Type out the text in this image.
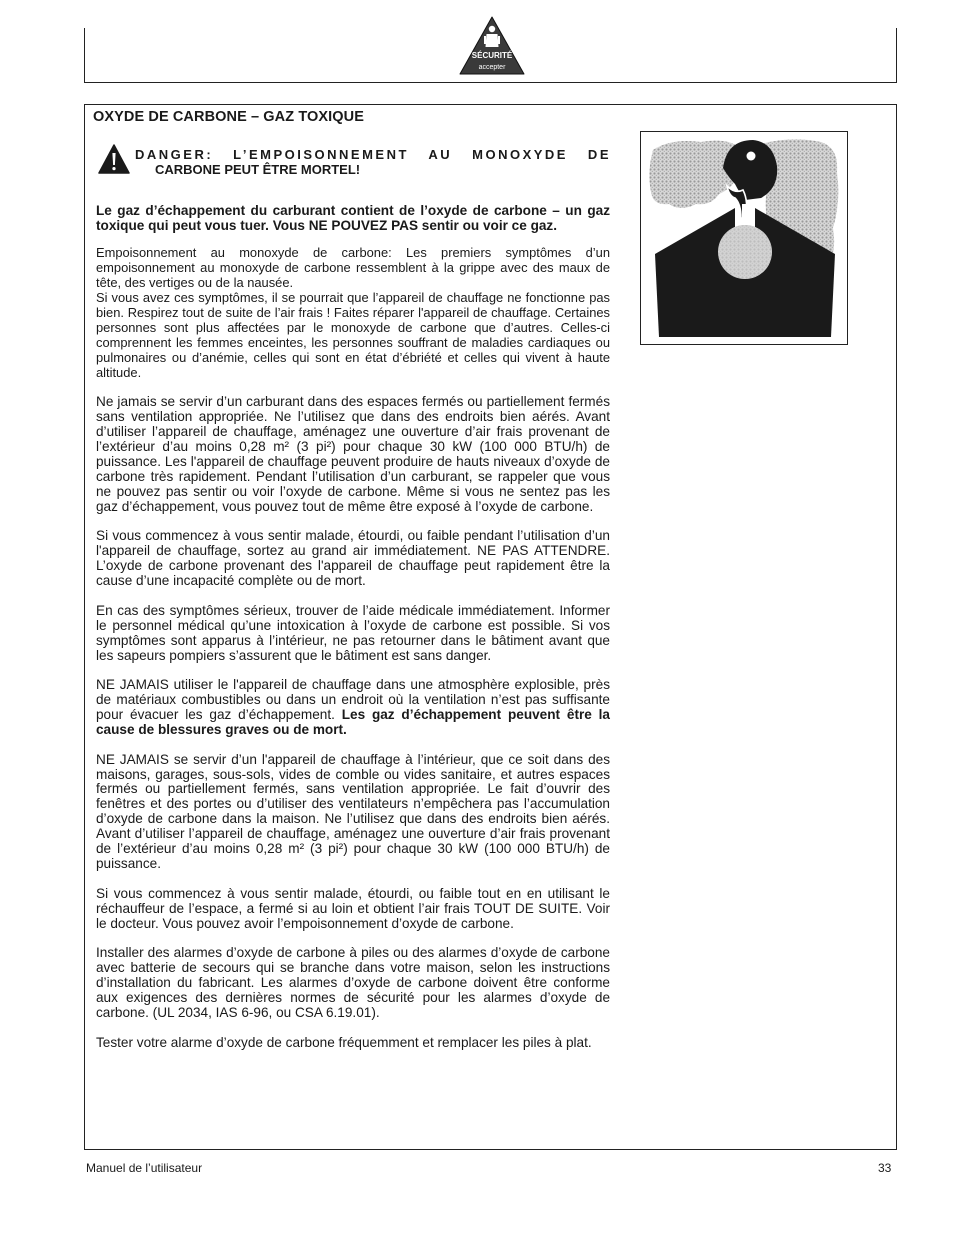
SÉCURITÉ
accepter
OXYDE DE CARBONE – GAZ TOXIQUE
DANGER: L’EMPOISONNEMENT AU MONOXYDE DE
CARBONE PEUT ÊTRE MORTEL!

Le gaz d’échappement du carburant contient de l’oxyde de carbone – un gaz toxique qui peut vous tuer. Vous NE POUVEZ PAS sentir ou voir ce gaz.

Empoisonnement au monoxyde de carbone: Les premiers symptômes d’un empoisonnement au monoxyde de carbone ressemblent à la grippe avec des maux de tête, des vertiges ou de la nausée.

Si vous avez ces symptômes, il se pourrait que l’appareil de chauffage ne fonctionne pas bien. Respirez tout de suite de l’air frais ! Faites réparer l'appareil de chauffage. Certaines personnes sont plus affectées par le monoxyde de carbone que d’autres. Celles-ci comprennent les femmes enceintes, les personnes souffrant de maladies cardiaques ou pulmonaires ou d’anémie, celles qui sont en état d’ébriété et celles qui vivent à haute altitude.

Ne jamais se servir d’un carburant dans des espaces fermés ou partiellement fermés sans ventilation appropriée. Ne l’utilisez que dans des endroits bien aérés. Avant d’utiliser l’appareil de chauffage, aménagez une ouverture d’air frais provenant de l’extérieur d’au moins 0,28 m² (3 pi²) pour chaque 30 kW (100 000 BTU/h) de puissance. Les l'appareil de chauffage peuvent produire de hauts niveaux d’oxyde de carbone très rapidement. Pendant l’utilisation d’un carburant, se rappeler que vous ne pouvez pas sentir ou voir l’oxyde de carbone. Même si vous ne sentez pas les gaz d’échappement, vous pouvez tout de même être exposé à l’oxyde de carbone.

Si vous commencez à vous sentir malade, étourdi, ou faible pendant l’utilisation d’un l'appareil de chauffage, sortez au grand air immédiatement. NE PAS ATTENDRE. L’oxyde de carbone provenant des l'appareil de chauffage peut rapidement être la cause d’une incapacité complète ou de mort.

En cas des symptômes sérieux, trouver de l’aide médicale immédiatement. Informer le personnel médical qu’une intoxication à l’oxyde de carbone est possible. Si vos symptômes sont apparus à l’intérieur, ne pas retourner dans le bâtiment avant que les sapeurs pompiers s’assurent que le bâtiment est sans danger.

NE JAMAIS utiliser le l'appareil de chauffage dans une atmosphère explosible, près de matériaux combustibles ou dans un endroit où la ventilation n’est pas suffisante pour évacuer les gaz d’échappement. Les gaz d’échappement peuvent être la cause de blessures graves ou de mort.

NE JAMAIS se servir d’un l'appareil de chauffage à l’intérieur, que ce soit dans des maisons, garages, sous-sols, vides de comble ou vides sanitaire, et autres espaces fermés ou partiellement fermés, sans ventilation appropriée. Le fait d’ouvrir des fenêtres et des portes ou d’utiliser des ventilateurs n’empêchera pas l’accumulation d’oxyde de carbone dans la maison. Ne l’utilisez que dans des endroits bien aérés. Avant d’utiliser l’appareil de chauffage, aménagez une ouverture d’air frais provenant de l’extérieur d’au moins 0,28 m² (3 pi²) pour chaque 30 kW (100 000 BTU/h) de puissance.

Si vous commencez à vous sentir malade, étourdi, ou faible tout en en utilisant le réchauffeur de l’espace, a fermé si au loin et obtient l’air frais TOUT DE SUITE. Voir le docteur. Vous pouvez avoir l’empoisonnement d’oxyde de carbone.

Installer des alarmes d’oxyde de carbone à piles ou des alarmes d’oxyde de carbone avec batterie de secours qui se branche dans votre maison, selon les instructions d’installation du fabricant. Les alarmes d’oxyde de carbone doivent être conforme aux exigences des dernières normes de sécurité pour les alarmes d’oxyde de carbone. (UL 2034, IAS 6-96, ou CSA 6.19.01).

Tester votre alarme d’oxyde de carbone fréquemment et remplacer les piles à plat.

Manuel de l’utilisateur	33
